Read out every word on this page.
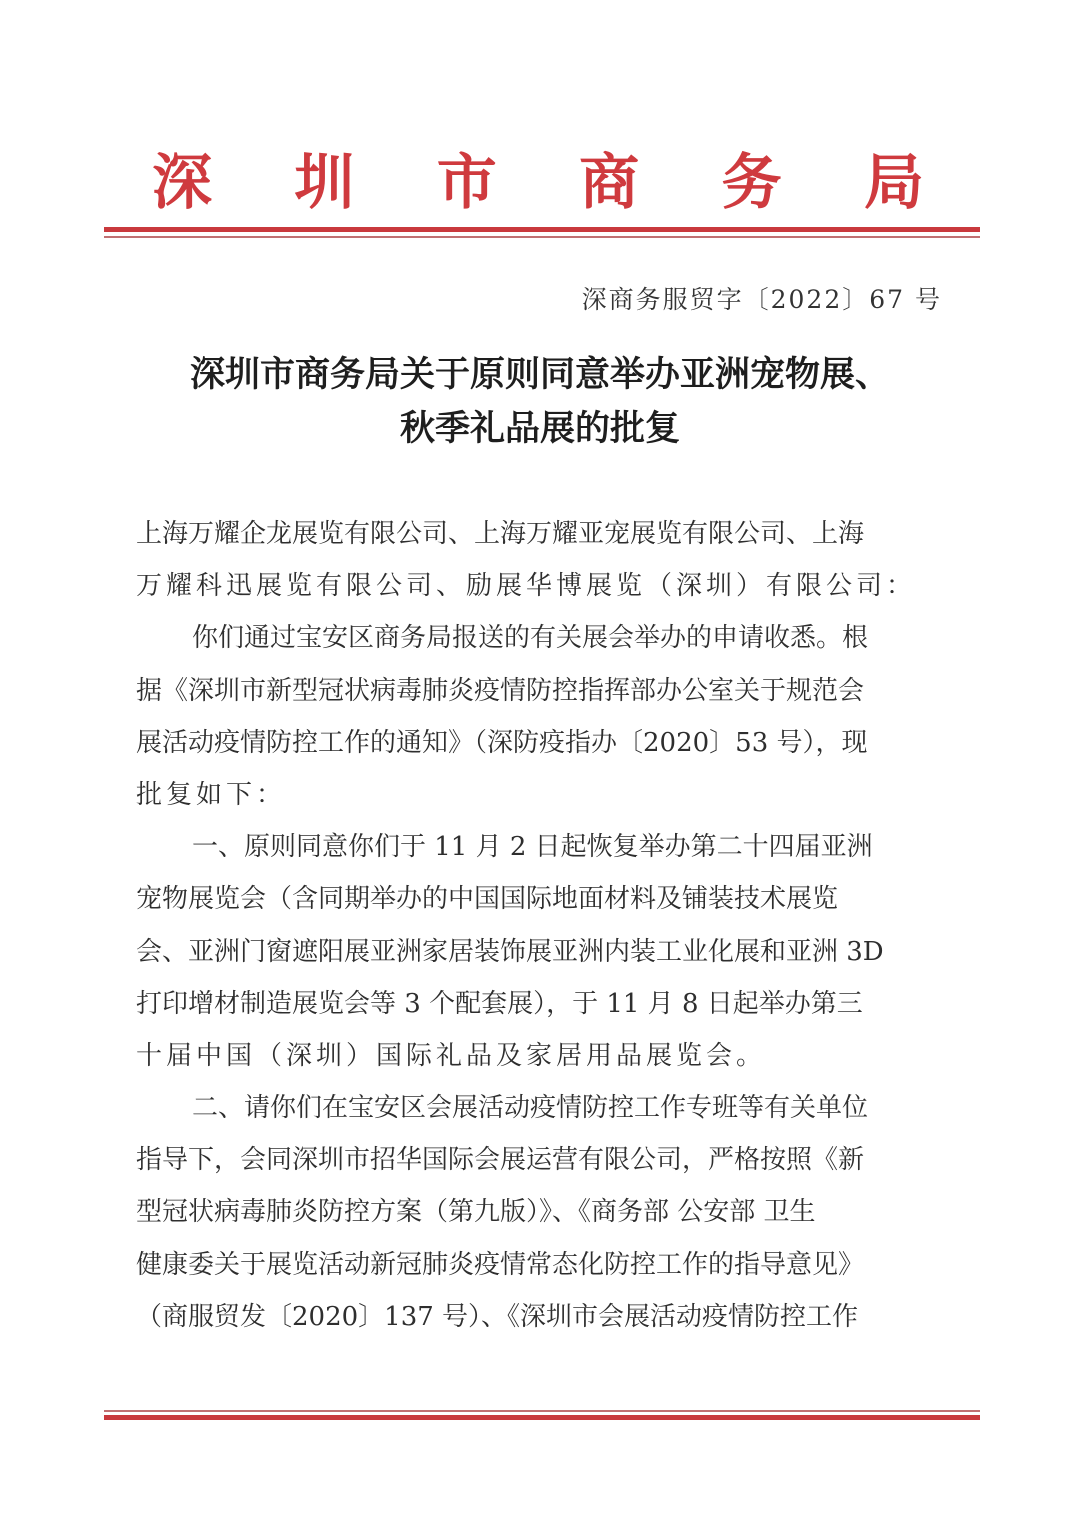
深 圳 市 商 务 局
深商务服贸字〔2022〕67 号
深圳市商务局关于原则同意举办亚洲宠物展、
秋季礼品展的批复
上海万耀企龙展览有限公司、上海万耀亚宠展览有限公司、上海
万耀科迅展览有限公司、励展华博展览（深圳）有限公司：
你们通过宝安区商务局报送的有关展会举办的申请收悉。根
据《深圳市新型冠状病毒肺炎疫情防控指挥部办公室关于规范会
展活动疫情防控工作的通知》（深防疫指办〔2020〕53 号），现
批复如下：
一、原则同意你们于 11 月 2 日起恢复举办第二十四届亚洲
宠物展览会（含同期举办的中国国际地面材料及铺装技术展览
会、亚洲门窗遮阳展亚洲家居装饰展亚洲内装工业化展和亚洲 3D
打印增材制造展览会等 3 个配套展），于 11 月 8 日起举办第三
十届中国（深圳）国际礼品及家居用品展览会。
二、请你们在宝安区会展活动疫情防控工作专班等有关单位
指导下，会同深圳市招华国际会展运营有限公司，严格按照《新
型冠状病毒肺炎防控方案（第九版）》、《商务部 公安部 卫生
健康委关于展览活动新冠肺炎疫情常态化防控工作的指导意见》
（商服贸发〔2020〕137 号）、《深圳市会展活动疫情防控工作
